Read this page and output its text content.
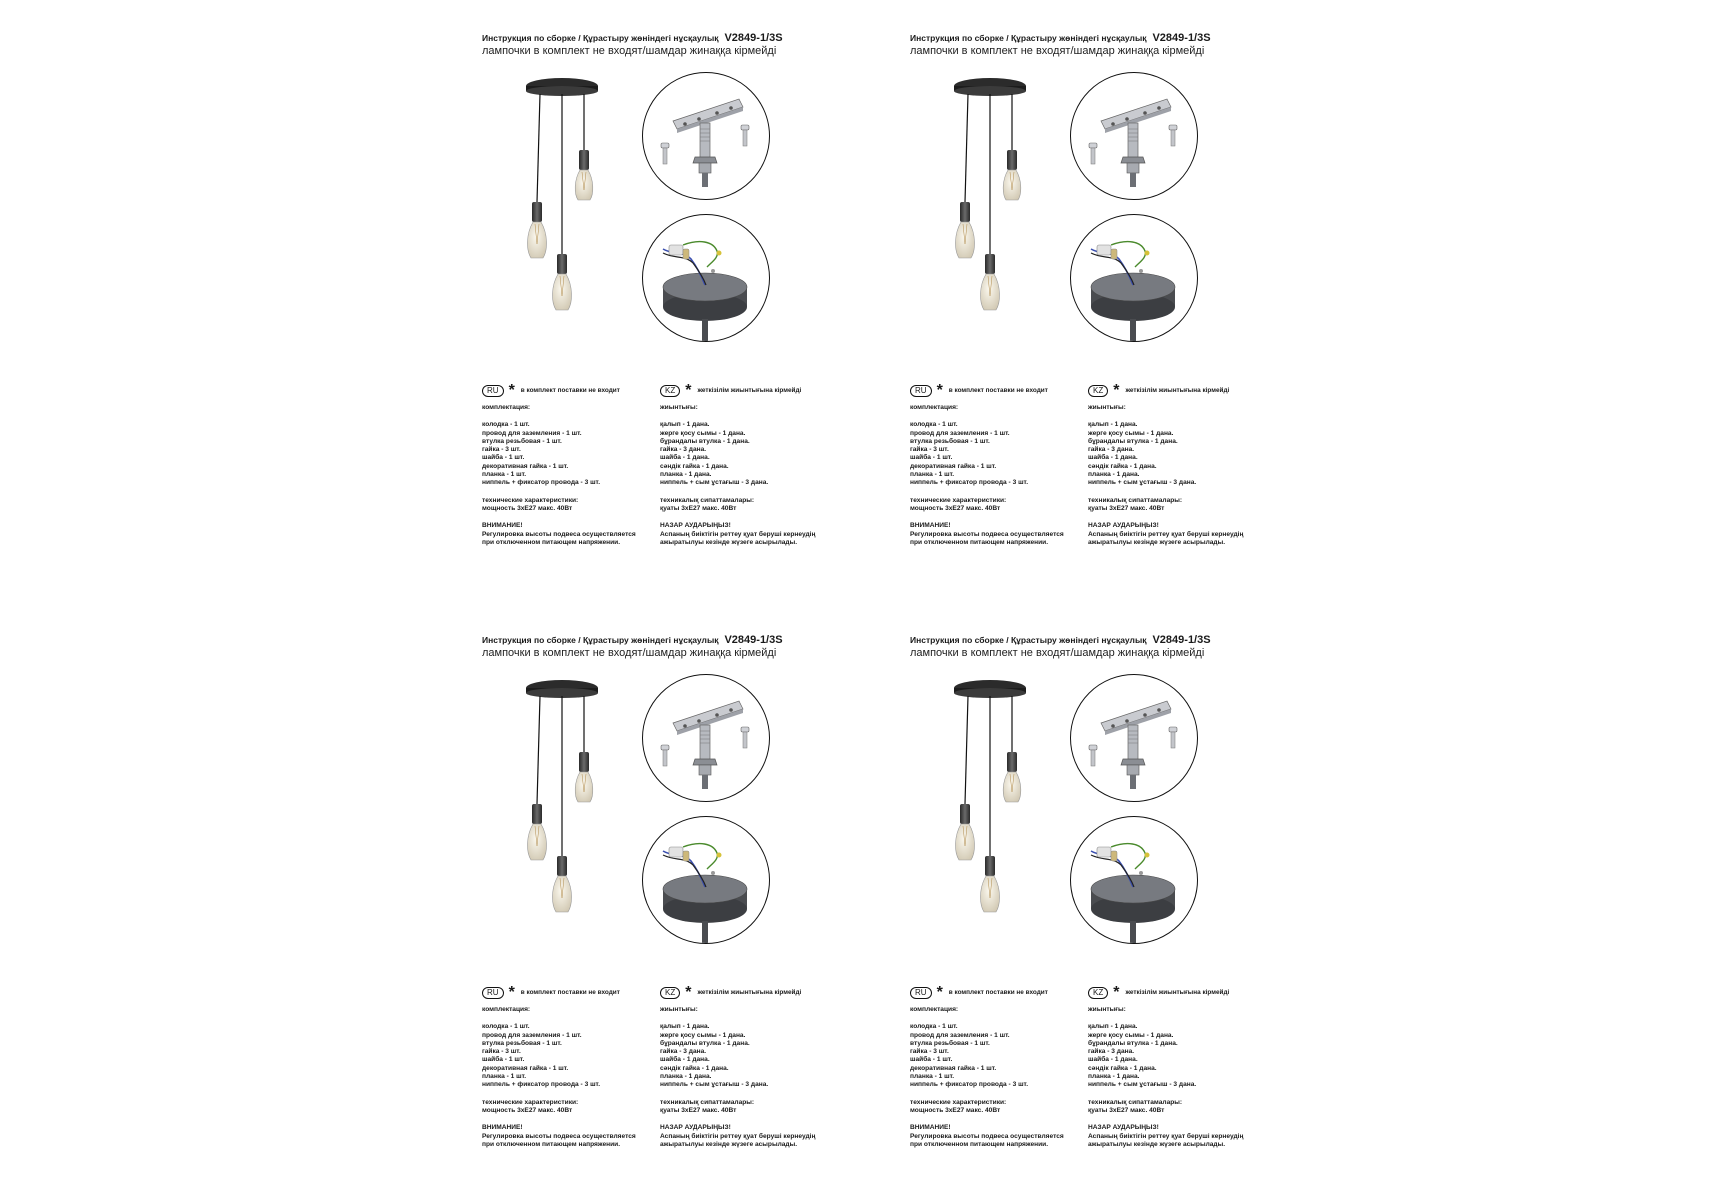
Инструкция по сборке / Құрастыру жөніндегі нұсқаулық V2849-1/3S
лампочки в комплект не входят/шамдар жинаққа кірмейді
RU * в комплект поставки не входит
комплектация:
колодка - 1 шт.
провод для заземления - 1 шт.
втулка резьбовая - 1 шт.
гайка - 3 шт.
шайба - 1 шт.
декоративная гайка - 1 шт.
планка - 1 шт.
ниппель + фиксатор провода - 3 шт.
технические характеристики:
мощность 3хЕ27 макс. 40Вт
ВНИМАНИЕ!
Регулировка высоты подвеса осуществляется
при отключенном питающем напряжении.
KZ * жеткізілім жиынтығына кірмейді
жиынтығы:
қалып - 1 дана.
жерге қосу сымы - 1 дана.
бұрандалы втулка - 1 дана.
гайка - 3 дана.
шайба - 1 дана.
сәндік гайка - 1 дана.
планка - 1 дана.
ниппель + сым ұстағыш - 3 дана.
техникалық сипаттамалары:
қуаты 3хЕ27 макс. 40Вт
НАЗАР АУДАРЫҢЫЗ!
Аспаның биіктігін реттеу қуат беруші кернеудің
ажыратылуы кезінде жүзеге асырылады.
Инструкция по сборке / Құрастыру жөніндегі нұсқаулық V2849-1/3S
лампочки в комплект не входят/шамдар жинаққа кірмейді
RU * в комплект поставки не входит
комплектация:
колодка - 1 шт.
провод для заземления - 1 шт.
втулка резьбовая - 1 шт.
гайка - 3 шт.
шайба - 1 шт.
декоративная гайка - 1 шт.
планка - 1 шт.
ниппель + фиксатор провода - 3 шт.
технические характеристики:
мощность 3хЕ27 макс. 40Вт
ВНИМАНИЕ!
Регулировка высоты подвеса осуществляется
при отключенном питающем напряжении.
KZ * жеткізілім жиынтығына кірмейді
жиынтығы:
қалып - 1 дана.
жерге қосу сымы - 1 дана.
бұрандалы втулка - 1 дана.
гайка - 3 дана.
шайба - 1 дана.
сәндік гайка - 1 дана.
планка - 1 дана.
ниппель + сым ұстағыш - 3 дана.
техникалық сипаттамалары:
қуаты 3хЕ27 макс. 40Вт
НАЗАР АУДАРЫҢЫЗ!
Аспаның биіктігін реттеу қуат беруші кернеудің
ажыратылуы кезінде жүзеге асырылады.
Инструкция по сборке / Құрастыру жөніндегі нұсқаулық V2849-1/3S
лампочки в комплект не входят/шамдар жинаққа кірмейді
RU * в комплект поставки не входит
комплектация:
колодка - 1 шт.
провод для заземления - 1 шт.
втулка резьбовая - 1 шт.
гайка - 3 шт.
шайба - 1 шт.
декоративная гайка - 1 шт.
планка - 1 шт.
ниппель + фиксатор провода - 3 шт.
технические характеристики:
мощность 3хЕ27 макс. 40Вт
ВНИМАНИЕ!
Регулировка высоты подвеса осуществляется
при отключенном питающем напряжении.
KZ * жеткізілім жиынтығына кірмейді
жиынтығы:
қалып - 1 дана.
жерге қосу сымы - 1 дана.
бұрандалы втулка - 1 дана.
гайка - 3 дана.
шайба - 1 дана.
сәндік гайка - 1 дана.
планка - 1 дана.
ниппель + сым ұстағыш - 3 дана.
техникалық сипаттамалары:
қуаты 3хЕ27 макс. 40Вт
НАЗАР АУДАРЫҢЫЗ!
Аспаның биіктігін реттеу қуат беруші кернеудің
ажыратылуы кезінде жүзеге асырылады.
Инструкция по сборке / Құрастыру жөніндегі нұсқаулық V2849-1/3S
лампочки в комплект не входят/шамдар жинаққа кірмейді
RU * в комплект поставки не входит
комплектация:
колодка - 1 шт.
провод для заземления - 1 шт.
втулка резьбовая - 1 шт.
гайка - 3 шт.
шайба - 1 шт.
декоративная гайка - 1 шт.
планка - 1 шт.
ниппель + фиксатор провода - 3 шт.
технические характеристики:
мощность 3хЕ27 макс. 40Вт
ВНИМАНИЕ!
Регулировка высоты подвеса осуществляется
при отключенном питающем напряжении.
KZ * жеткізілім жиынтығына кірмейді
жиынтығы:
қалып - 1 дана.
жерге қосу сымы - 1 дана.
бұрандалы втулка - 1 дана.
гайка - 3 дана.
шайба - 1 дана.
сәндік гайка - 1 дана.
планка - 1 дана.
ниппель + сым ұстағыш - 3 дана.
техникалық сипаттамалары:
қуаты 3хЕ27 макс. 40Вт
НАЗАР АУДАРЫҢЫЗ!
Аспаның биіктігін реттеу қуат беруші кернеудің
ажыратылуы кезінде жүзеге асырылады.
